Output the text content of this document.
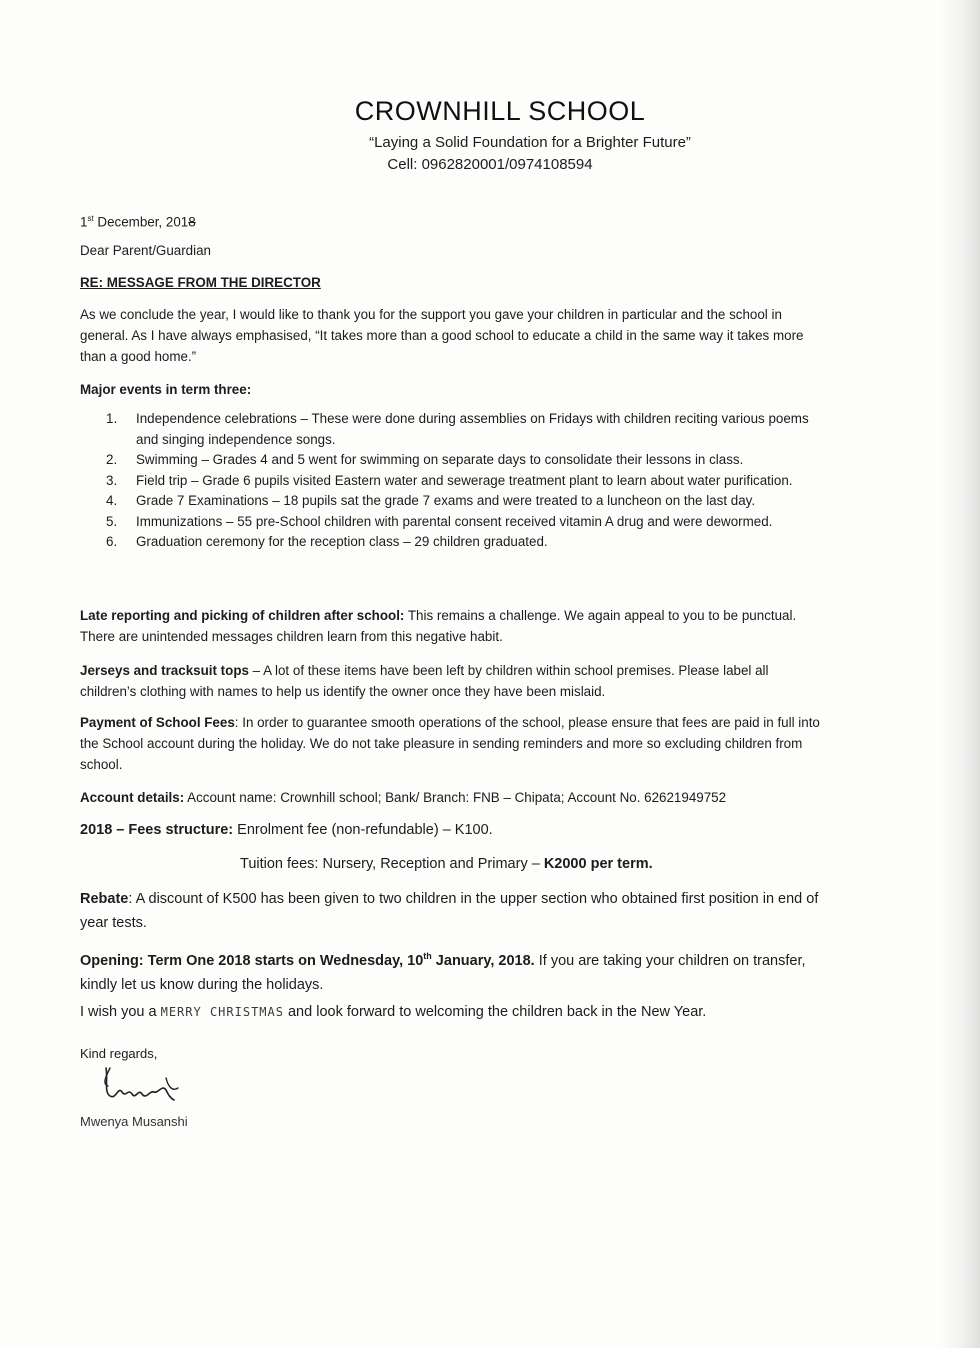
CROWNHILL SCHOOL
“Laying a Solid Foundation for a Brighter Future”
Cell: 0962820001/0974108594
1st December, 2018
Dear Parent/Guardian
RE: MESSAGE FROM THE DIRECTOR
As we conclude the year, I would like to thank you for the support you gave your children in particular and the school in general. As I have always emphasised, “It takes more than a good school to educate a child in the same way it takes more than a good home.”
Major events in term three:
1. Independence celebrations – These were done during assemblies on Fridays with children reciting various poems and singing independence songs.
2. Swimming – Grades 4 and 5 went for swimming on separate days to consolidate their lessons in class.
3. Field trip – Grade 6 pupils visited Eastern water and sewerage treatment plant to learn about water purification.
4. Grade 7 Examinations – 18 pupils sat the grade 7 exams and were treated to a luncheon on the last day.
5. Immunizations – 55 pre-School children with parental consent received vitamin A drug and were dewormed.
6. Graduation ceremony for the reception class – 29 children graduated.
Late reporting and picking of children after school: This remains a challenge. We again appeal to you to be punctual. There are unintended messages children learn from this negative habit.
Jerseys and tracksuit tops – A lot of these items have been left by children within school premises. Please label all children’s clothing with names to help us identify the owner once they have been mislaid.
Payment of School Fees: In order to guarantee smooth operations of the school, please ensure that fees are paid in full into the School account during the holiday. We do not take pleasure in sending reminders and more so excluding children from school.
Account details: Account name: Crownhill school; Bank/ Branch: FNB – Chipata; Account No. 62621949752
2018 – Fees structure: Enrolment fee (non-refundable) – K100.
Tuition fees: Nursery, Reception and Primary – K2000 per term.
Rebate: A discount of K500 has been given to two children in the upper section who obtained first position in end of year tests.
Opening: Term One 2018 starts on Wednesday, 10th January, 2018. If you are taking your children on transfer, kindly let us know during the holidays.
I wish you a MERRY CHRISTMAS and look forward to welcoming the children back in the New Year.
Kind regards,
Mwenya Musanshi
